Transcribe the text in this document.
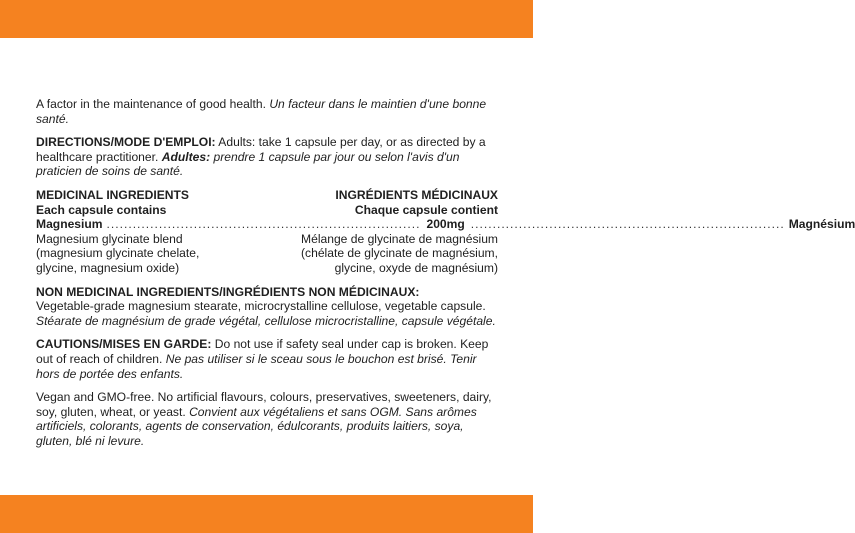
A factor in the maintenance of good health. Un facteur dans le maintien d'une bonne santé.

DIRECTIONS/MODE D'EMPLOI: Adults: take 1 capsule per day, or as directed by a healthcare practitioner. Adultes: prendre 1 capsule par jour ou selon l'avis d'un praticien de soins de santé.

MEDICINAL INGREDIENTS	INGRÉDIENTS MÉDICINAUX
Each capsule contains	Chaque capsule contient
Magnesium ........................................................................ 200mg ........................................................................ Magnésium
Magnesium glycinate blend
(magnesium glycinate chelate,
glycine, magnesium oxide)
Mélange de glycinate de magnésium
(chélate de glycinate de magnésium,
glycine, oxyde de magnésium)
NON MEDICINAL INGREDIENTS/INGRÉDIENTS NON MÉDICINAUX:

Vegetable-grade magnesium stearate, microcrystalline cellulose, vegetable capsule.

Stéarate de magnésium de grade végétal, cellulose microcristalline, capsule végétale.

CAUTIONS/MISES EN GARDE: Do not use if safety seal under cap is broken. Keep out of reach of children. Ne pas utiliser si le sceau sous le bouchon est brisé. Tenir hors de portée des enfants.

Vegan and GMO-free. No artificial flavours, colours, preservatives, sweeteners, dairy, soy, gluten, wheat, or yeast. Convient aux végétaliens et sans OGM. Sans arômes artificiels, colorants, agents de conservation, édulcorants, produits laitiers, soya, gluten, blé ni levure.
